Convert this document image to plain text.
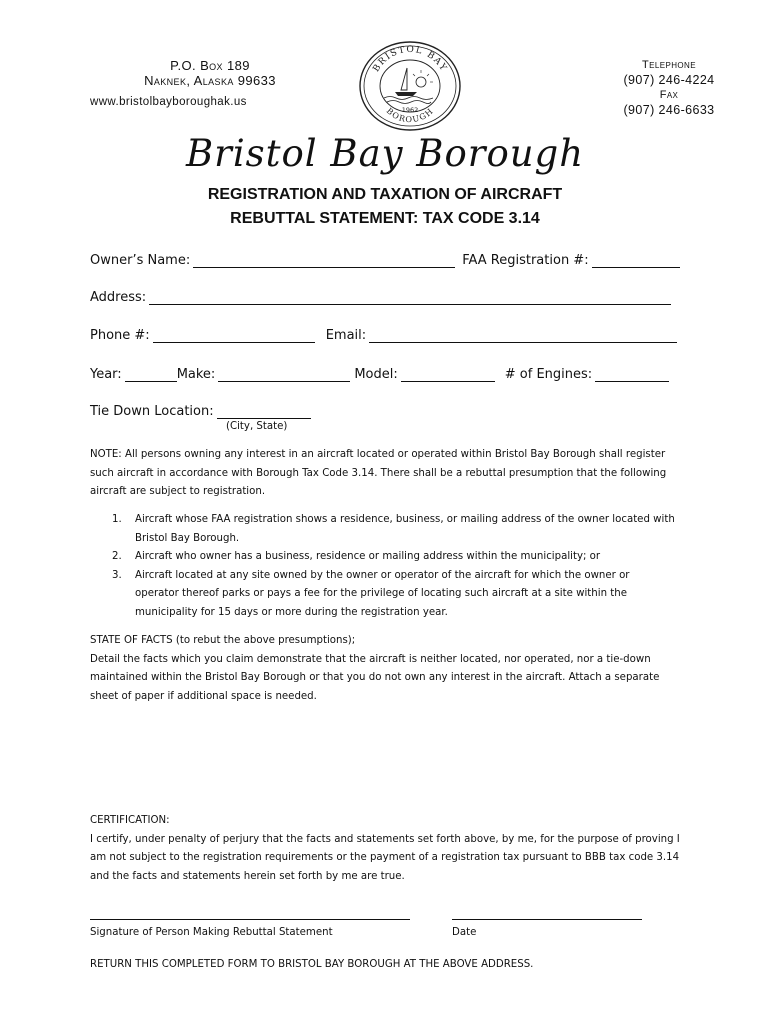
P.O. Box 189
Naknek, Alaska 99633
www.bristolbayboroughak.us
Telephone
(907) 246-4224
Fax
(907) 246-6633
BRISTOL BAY
BOROUGH
1962
Bristol Bay Borough
REGISTRATION AND TAXATION OF AIRCRAFT
REBUTTAL STATEMENT: TAX CODE 3.14
Owner’s Name:	FAA Registration #:
Address:
Phone #:	Email:
Year:	Make:	Model:	# of Engines:
Tie Down Location:
(City, State)
NOTE: All persons owning any interest in an aircraft located or operated within Bristol Bay Borough shall register
such aircraft in accordance with Borough Tax Code 3.14. There shall be a rebuttal presumption that the following
aircraft are subject to registration.
1. Aircraft whose FAA registration shows a residence, business, or mailing address of the owner located with
Bristol Bay Borough.
2. Aircraft who owner has a business, residence or mailing address within the municipality; or
3. Aircraft located at any site owned by the owner or operator of the aircraft for which the owner or
operator thereof parks or pays a fee for the privilege of locating such aircraft at a site within the
municipality for 15 days or more during the registration year.
STATE OF FACTS (to rebut the above presumptions);
Detail the facts which you claim demonstrate that the aircraft is neither located, nor operated, nor a tie-down
maintained within the Bristol Bay Borough or that you do not own any interest in the aircraft. Attach a separate
sheet of paper if additional space is needed.
CERTIFICATION:
I certify, under penalty of perjury that the facts and statements set forth above, by me, for the purpose of proving I
am not subject to the registration requirements or the payment of a registration tax pursuant to BBB tax code 3.14
and the facts and statements herein set forth by me are true.
Signature of Person Making Rebuttal Statement	Date
RETURN THIS COMPLETED FORM TO BRISTOL BAY BOROUGH AT THE ABOVE ADDRESS.
